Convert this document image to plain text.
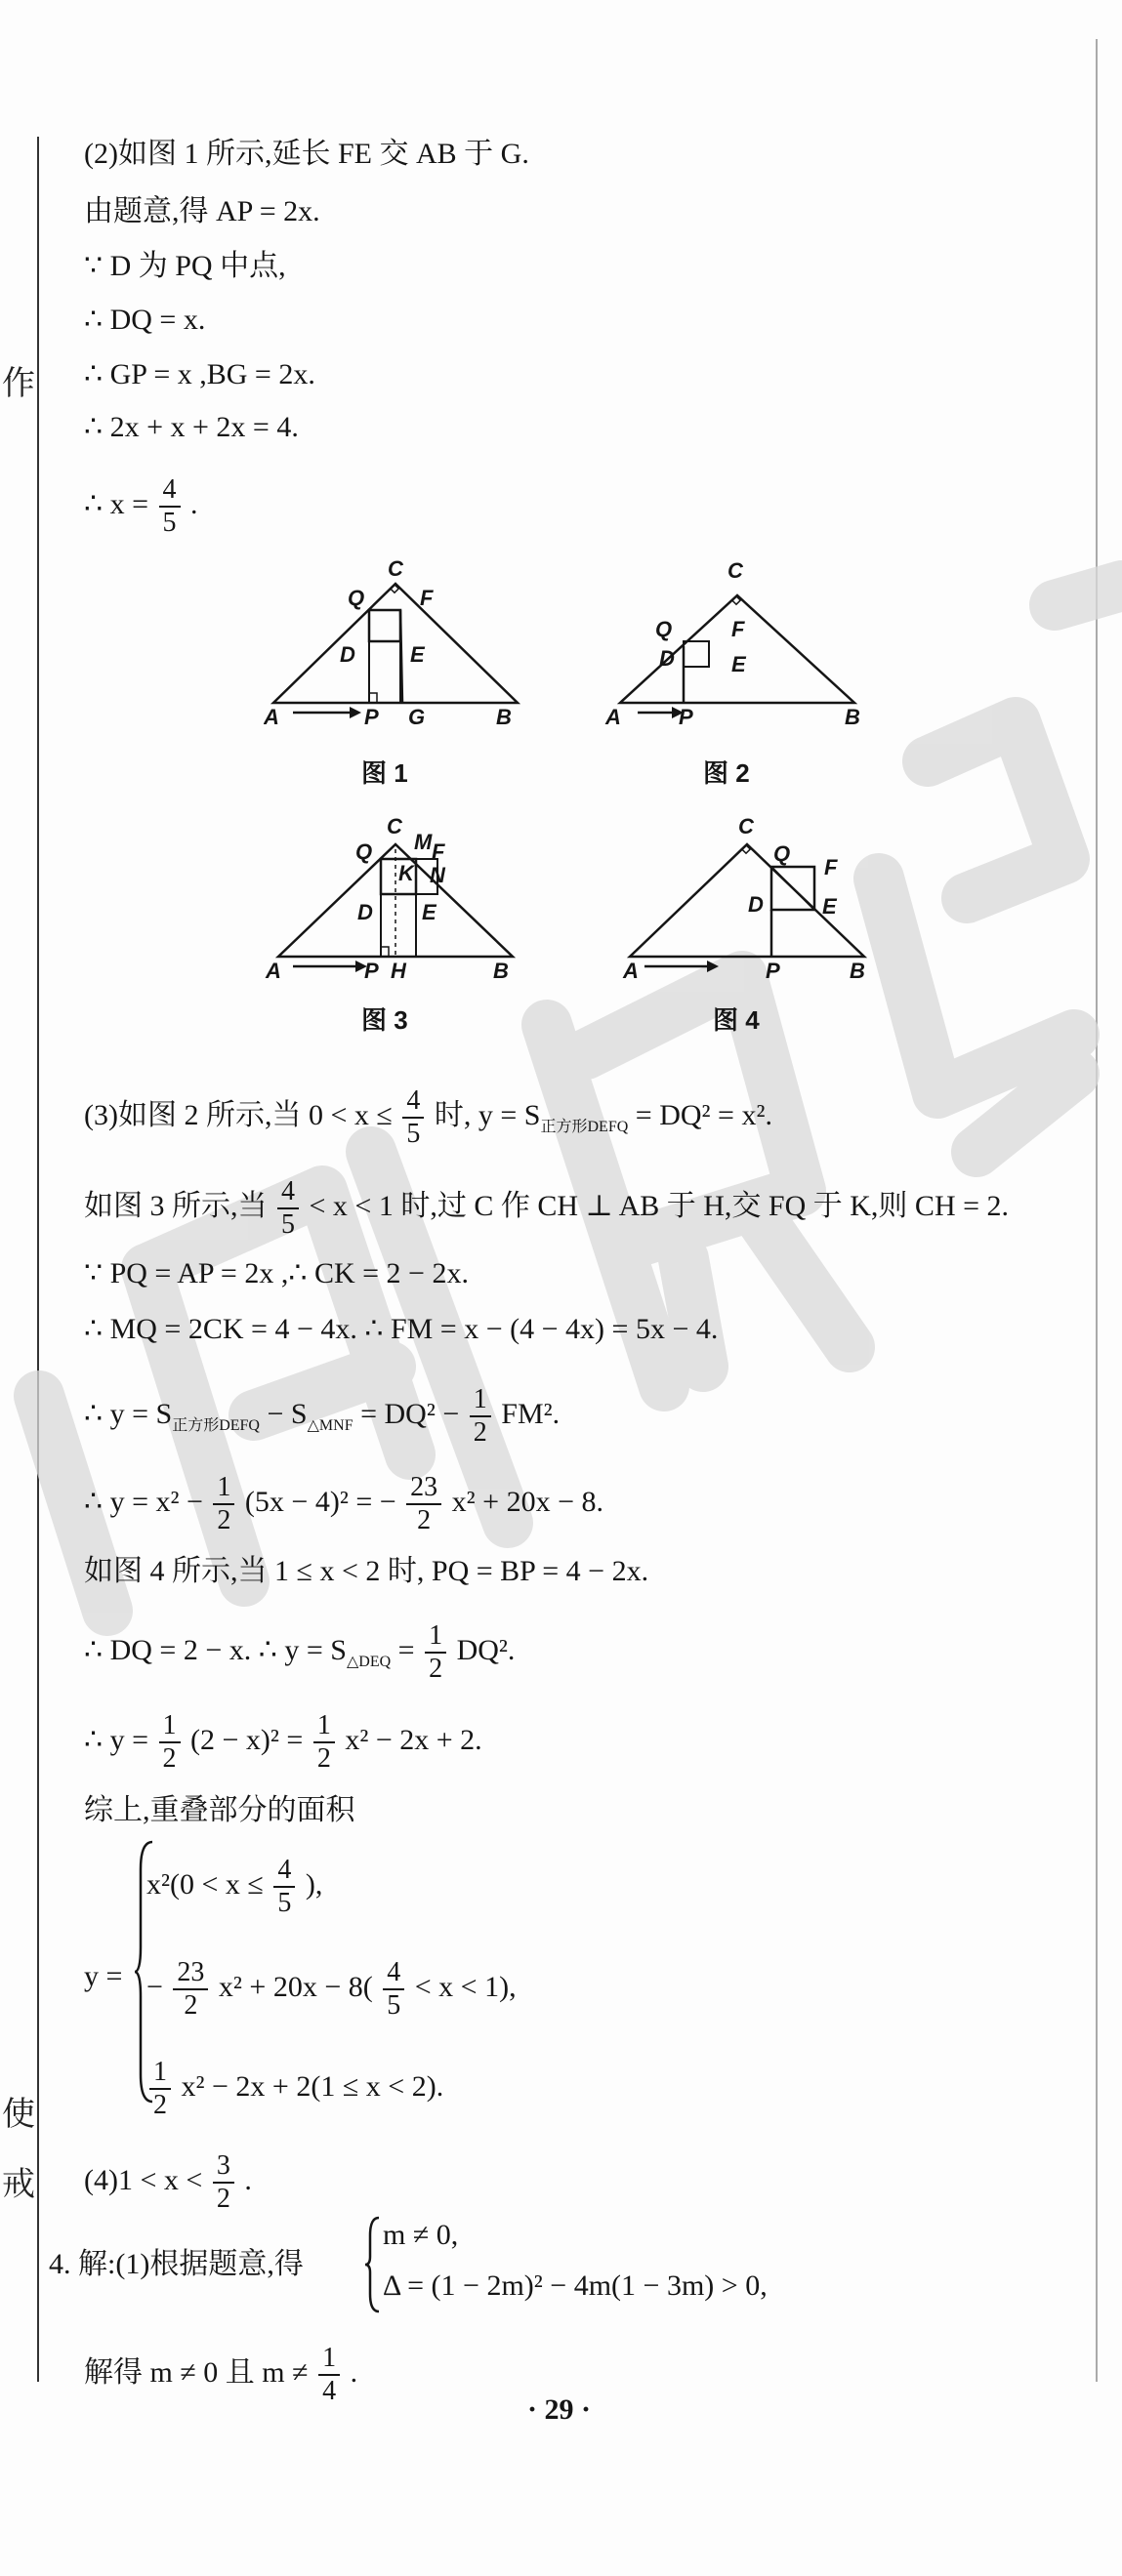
作
使
戒
(2)如图 1 所示,延长 FE 交 AB 于 G.
由题意,得 AP = 2x.
∵ D 为 PQ 中点,
∴ DQ = x.
∴ GP = x ,BG = 2x.
∴ 2x + x + 2x = 4.
∴ $x = \frac{4}{5}$ .
C
Q	F
D	E
A	P G	B
图 1
C
Q	F
D	E
A	P	B
图 2
C
Q M F
N
K
D E
A	P H	B
图 3
C
Q
F
D	E
A	P	B
图 4
(3)如图 2 所示,当 $0 < x \le \frac{4}{5}$ 时, $y = S_{正方形DEFQ} = DQ^2 = x^2$.
如图 3 所示,当 $\frac{4}{5} < x < 1$ 时,过 C 作 CH ⊥ AB 于 H,交 FQ 于 K,则 CH = 2.
∵ PQ = AP = 2x ,∴ CK = 2 − 2x.
∴ MQ = 2CK = 4 − 4x. ∴ FM = x − (4 − 4x) = 5x − 4.
∴ $y = S_{正方形DEFQ} - S_{\triangle MNF} = DQ^2 - \frac{1}{2} FM^2$.
∴ $y = x^2 - \frac{1}{2} (5x - 4)^2$ = − $\frac{23}{2} x^2 + 20x - 8$.
如图 4 所示,当 1 ≤ x < 2 时, PQ = BP = 4 − 2x.
∴ DQ = 2 − x. ∴ $y = S_{\triangle DEQ} = \frac{1}{2} DQ^2$.
∴ $y = \frac{1}{2} (2 - x)^2 = \frac{1}{2} x^2 - 2x + 2$.
综上,重叠部分的面积
y =
$x^2(0 < x \le \frac{4}{5}$ ),
− $\frac{23}{2} x^2 + 20x - 8( \frac{4}{5} < x < 1)$,
$\frac{1}{2} x^2 - 2x + 2(1 \le x < 2)$.
$(4)1 < x < \frac{3}{2}$ .
4. 解:(1)根据题意,得
m ≠ 0,
Δ = (1 − 2m)² − 4m(1 − 3m) > 0,
解得 m ≠ 0 且 $m \ne \frac{1}{4}$ .
· 29 ·
